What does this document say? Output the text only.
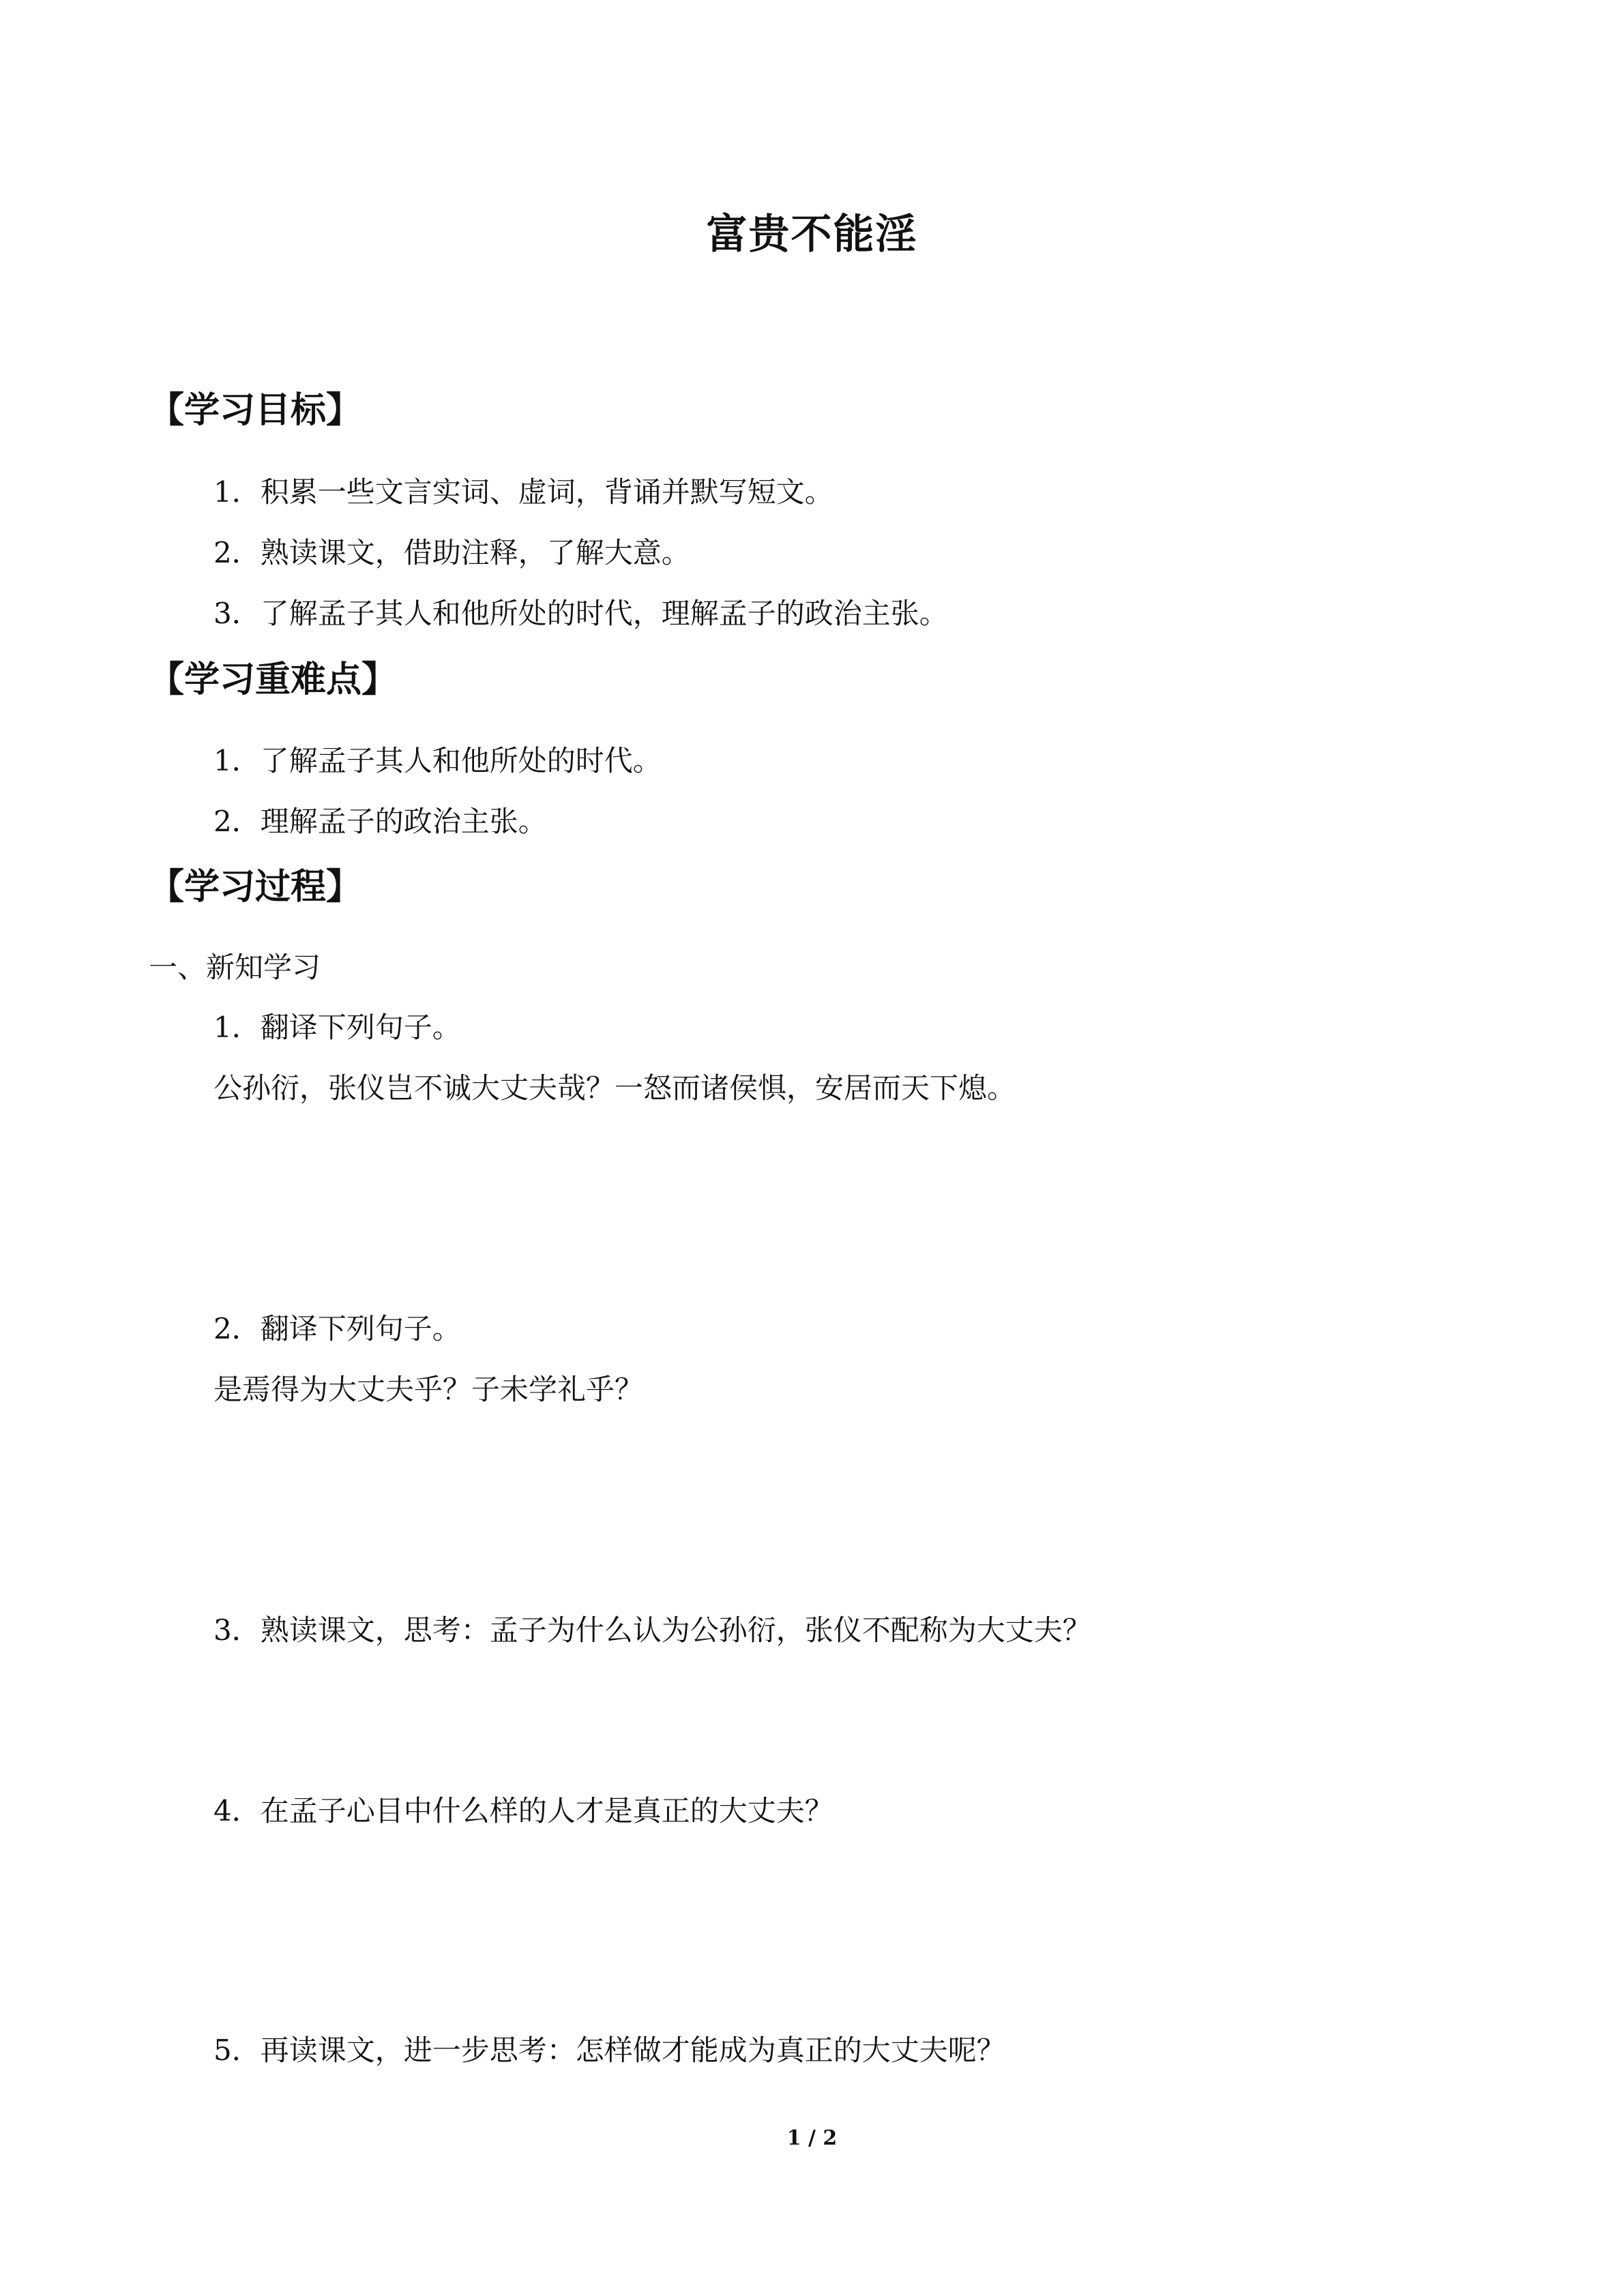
富贵不能淫
【学习目标】
1．积累一些文言实词、虚词，背诵并默写短文。
2．熟读课文，借助注释，了解大意。
3．了解孟子其人和他所处的时代，理解孟子的政治主张。
【学习重难点】
1．了解孟子其人和他所处的时代。
2．理解孟子的政治主张。
【学习过程】
一、新知学习
1．翻译下列句子。
公孙衍，张仪岂不诚大丈夫哉？一怒而诸侯惧，安居而天下熄。
2．翻译下列句子。
是焉得为大丈夫乎？子未学礼乎？
3．熟读课文，思考：孟子为什么认为公孙衍，张仪不配称为大丈夫？
4．在孟子心目中什么样的人才是真正的大丈夫？
5．再读课文，进一步思考：怎样做才能成为真正的大丈夫呢？
1 / 2
